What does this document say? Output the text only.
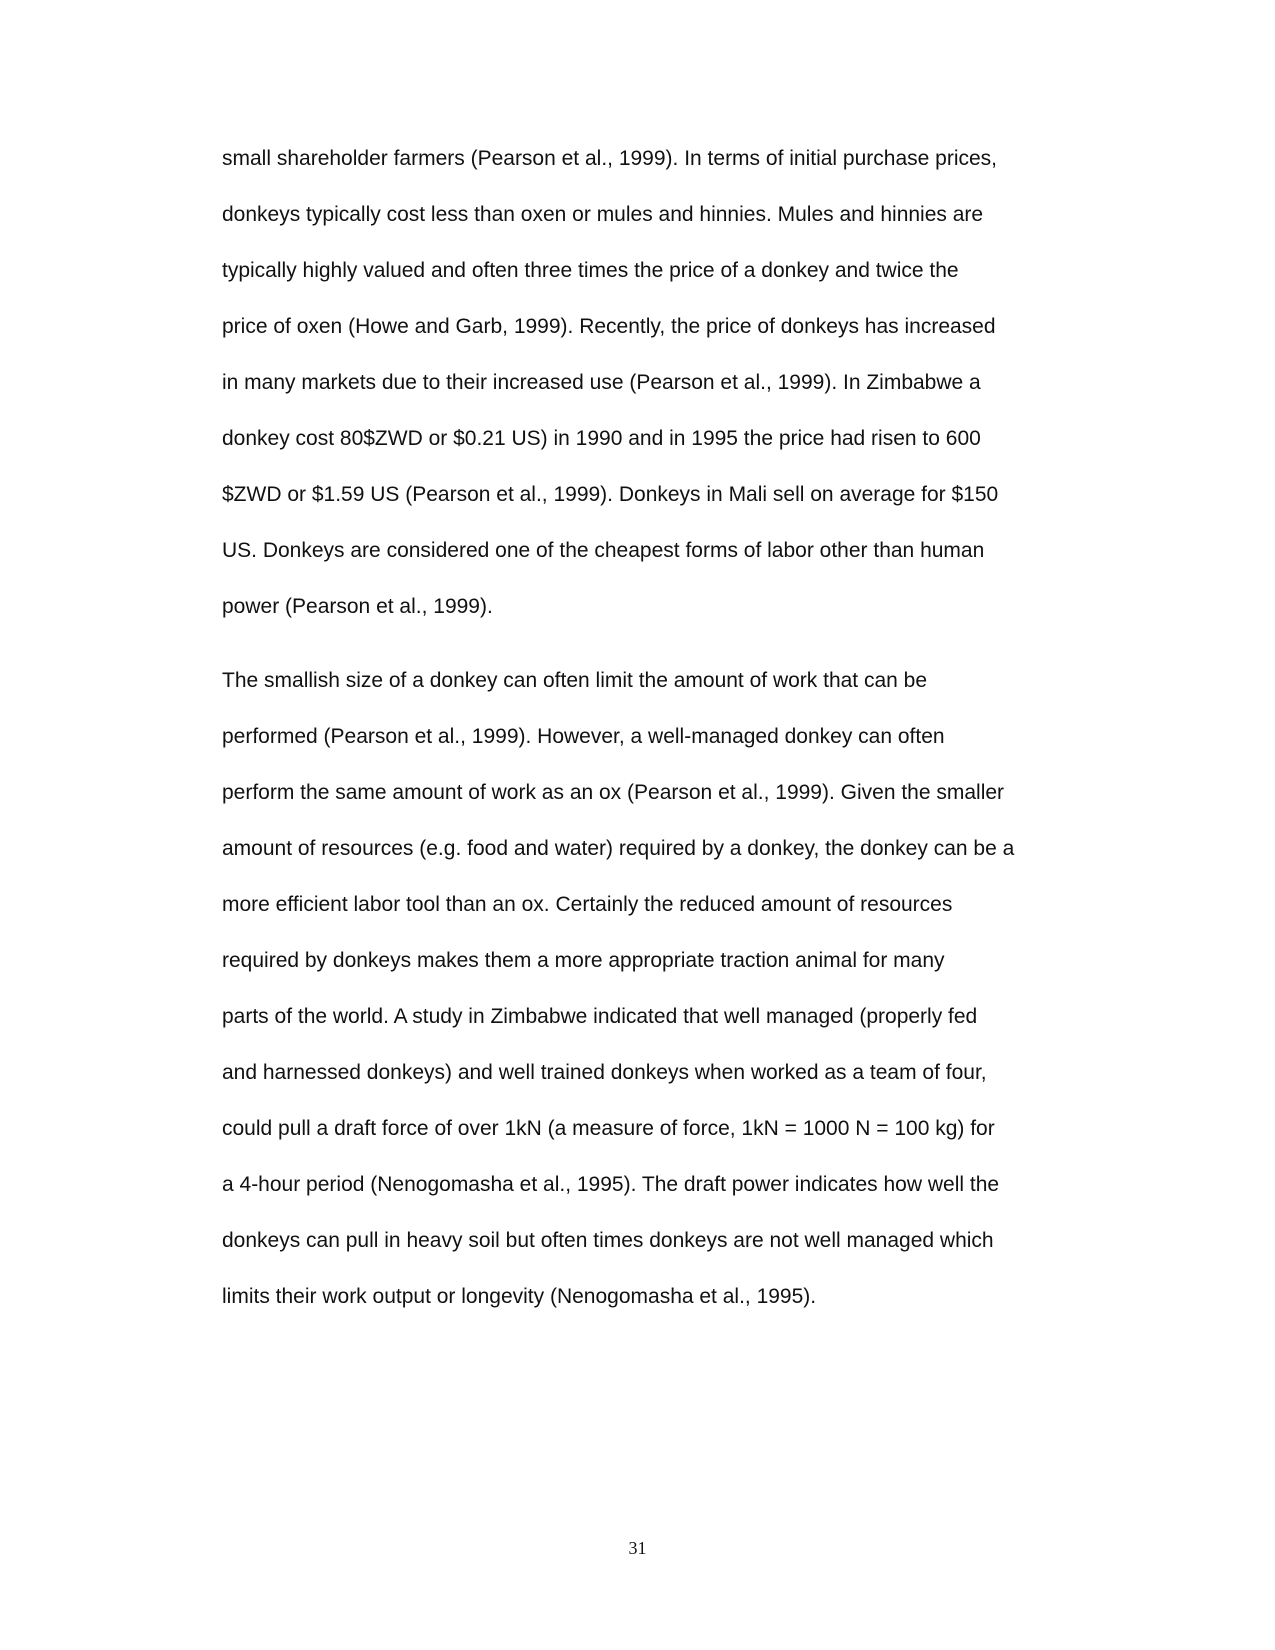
small shareholder farmers (Pearson et al., 1999). In terms of initial purchase prices,
donkeys typically cost less than oxen or mules and hinnies. Mules and hinnies are
typically highly valued and often three times the price of a donkey and twice the
price of oxen (Howe and Garb, 1999). Recently, the price of donkeys has increased
in many markets due to their increased use (Pearson et al., 1999). In Zimbabwe a
donkey cost 80$ZWD or $0.21 US) in 1990 and in 1995 the price had risen to 600
$ZWD or $1.59 US (Pearson et al., 1999). Donkeys in Mali sell on average for $150
US. Donkeys are considered one of the cheapest forms of labor other than human
power (Pearson et al., 1999).
The smallish size of a donkey can often limit the amount of work that can be
performed (Pearson et al., 1999). However, a well-managed donkey can often
perform the same amount of work as an ox (Pearson et al., 1999). Given the smaller
amount of resources (e.g. food and water) required by a donkey, the donkey can be a
more efficient labor tool than an ox. Certainly the reduced amount of resources
required by donkeys makes them a more appropriate traction animal for many
parts of the world. A study in Zimbabwe indicated that well managed (properly fed
and harnessed donkeys) and well trained donkeys when worked as a team of four,
could pull a draft force of over 1kN (a measure of force, 1kN = 1000 N = 100 kg) for
a 4-hour period (Nenogomasha et al., 1995). The draft power indicates how well the
donkeys can pull in heavy soil but often times donkeys are not well managed which
limits their work output or longevity (Nenogomasha et al., 1995).
31
